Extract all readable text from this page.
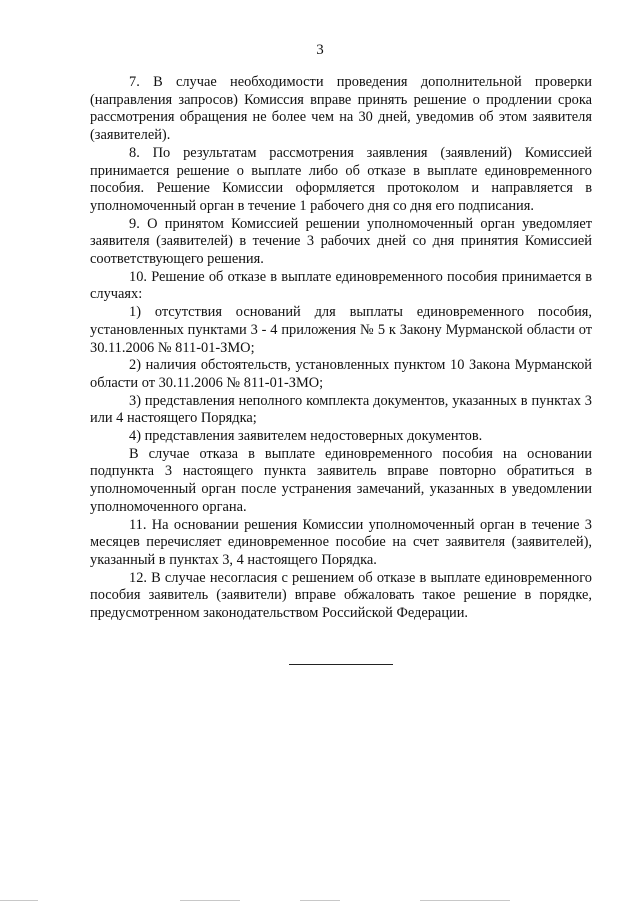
3

7. В случае необходимости проведения дополнительной проверки (направления запросов) Комиссия вправе принять решение о продлении срока рассмотрения обращения не более чем на 30 дней, уведомив об этом заявителя (заявителей).

8. По результатам рассмотрения заявления (заявлений) Комиссией принимается решение о выплате либо об отказе в выплате единовременного пособия. Решение Комиссии оформляется протоколом и направляется в уполномоченный орган в течение 1 рабочего дня со дня его подписания.

9. О принятом Комиссией решении уполномоченный орган уведомляет заявителя (заявителей) в течение 3 рабочих дней со дня принятия Комиссией соответствующего решения.

10. Решение об отказе в выплате единовременного пособия принимается в случаях:

1) отсутствия оснований для выплаты единовременного пособия, установленных пунктами 3 - 4 приложения № 5 к Закону Мурманской области от 30.11.2006 № 811-01-ЗМО;

2) наличия обстоятельств, установленных пунктом 10 Закона Мурманской области от 30.11.2006 № 811-01-ЗМО;

3) представления неполного комплекта документов, указанных в пунктах 3 или 4 настоящего Порядка;

4) представления заявителем недостоверных документов.

В случае отказа в выплате единовременного пособия на основании подпункта 3 настоящего пункта заявитель вправе повторно обратиться в уполномоченный орган после устранения замечаний, указанных в уведомлении уполномоченного органа.

11. На основании решения Комиссии уполномоченный орган в течение 3 месяцев перечисляет единовременное пособие на счет заявителя (заявителей), указанный в пунктах 3, 4 настоящего Порядка.

12. В случае несогласия с решением об отказе в выплате единовременного пособия заявитель (заявители) вправе обжаловать такое решение в порядке, предусмотренном законодательством Российской Федерации.
